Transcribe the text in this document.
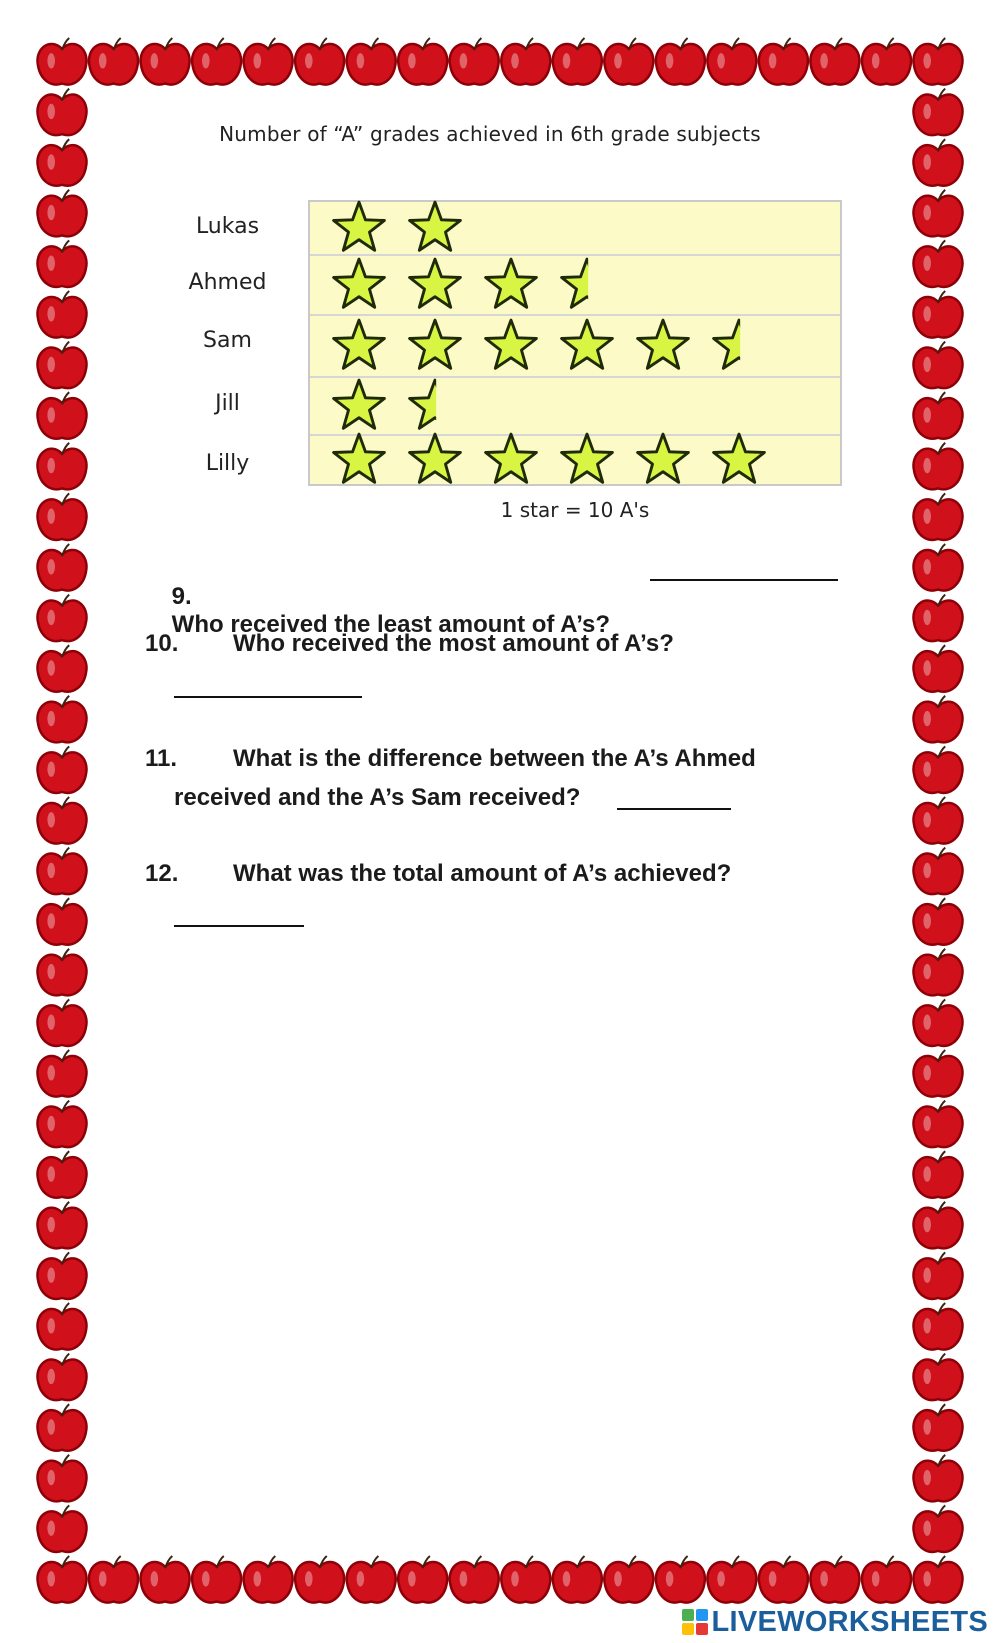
Number of “A” grades achieved in 6th grade subjects
Lukas
Ahmed
Sam
Jill
Lilly
1 star = 10 A's

9.
Who received the least amount of A’s?

10. Who received the most amount of A’s?
11. What is the difference between the A’s Ahmed
received and the A’s Sam received?
12. What was the total amount of A’s achieved?
LIVEWORKSHEETS
